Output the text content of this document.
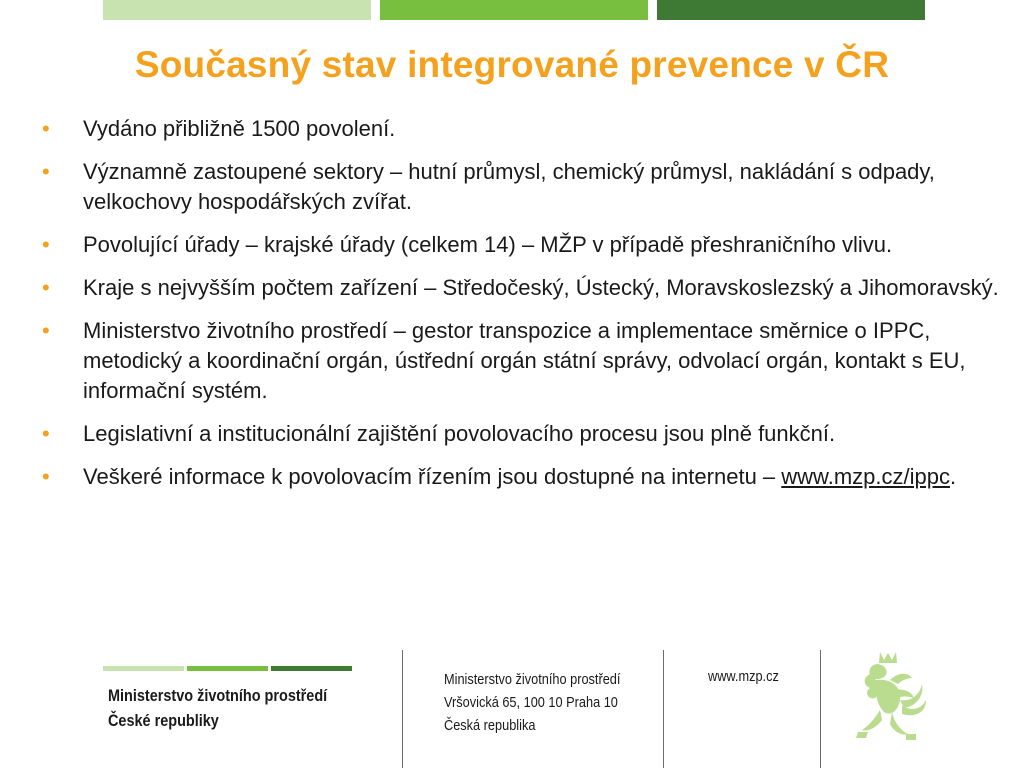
Současný stav integrované prevence v ČR
• Vydáno přibližně 1500 povolení.
• Významně zastoupené sektory – hutní průmysl, chemický průmysl, nakládání s odpady, velkochovy hospodářských zvířat.
• Povolující úřady – krajské úřady (celkem 14) – MŽP v případě přeshraničního vlivu.
• Kraje s nejvyšším počtem zařízení – Středočeský, Ústecký, Moravskoslezský a Jihomoravský.
• Ministerstvo životního prostředí – gestor transpozice a implementace směrnice o IPPC, metodický a koordinační orgán, ústřední orgán státní správy, odvolací orgán, kontakt s EU, informační systém.
• Legislativní a institucionální zajištění povolovacího procesu jsou plně funkční.
• Veškeré informace k povolovacím řízením jsou dostupné na internetu – www.mzp.cz/ippc.
Ministerstvo životního prostředí
České republiky
Ministerstvo životního prostředí
Vršovická 65, 100 10 Praha 10
Česká republika
www.mzp.cz
